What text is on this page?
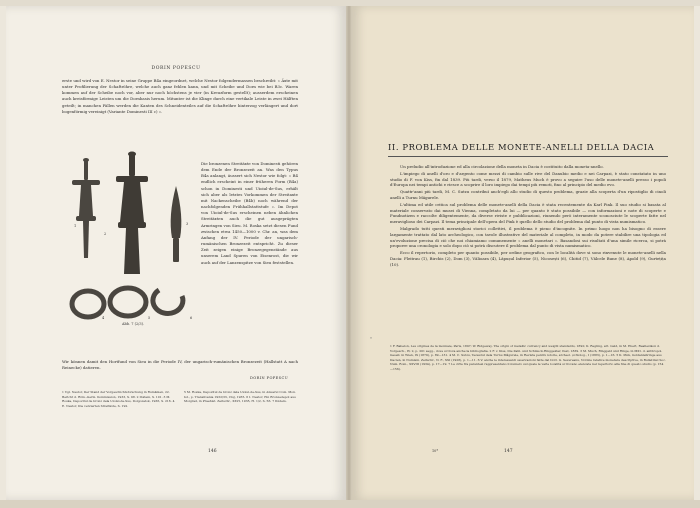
DORIN POPESCU

erste und wird von E. Nestor in seine Gruppe B4a eingeordnet, welche Nestor folgendermassen beschreibt: « Äxte mit unter Profilierung der Schaftröhre, welche auch ganz fehlen kann, und mit Scheibe und Dorn wie bei B3c. Waren kommen auf der Scheibe noch vor, aber nur noch höchstens je vier (in Kreuzform gestellt); ausserdem erscheinen auch kreisförmige Leisten um die Dornbasis herum. Mitunter ist die Klinge durch eine vertikale Leiste in zwei Hälften geteilt; in manchen Fällen werden die Kanten des Schneidenteiles auf die Schaftröhre hinterzog verlängert und dort bogenförmig vereinigt (Variante Dominesti III c) ».

1
2
3
4	5	6
Abb. 7 (2/3).

Die bronzenen Streitäxte von Dominesti gehören dem Ende der Bronzezeit an. Was den Typus B4a anlangt, äussert sich Nestor wie folgt: « B4 endlich erscheint in einer früheren Form (B4a) schon in Dominesti und Uioiul-de-Sus, erhält sich aber als letztes Vorkommen der Streitaxte mit Nackenscheibe (B4b) noch während der nachfolgenden Frühhallstattstufe ». Im Depot von Uioiul-de-Sus erscheinen neben ähnlichen Streitäxten auch die gut ausgeprägten Armringen von Sieu. M. Roska setzt diesen Fund zwischen etwa 1450—1000 v. Chr. an, was dem Anfang der IV. Periode der ungarisch-rumänischen Bronzezeit entspricht. Zu dieser Zeit zeigen einige Bronzegegenstände aus unserem Land Spuren von Eisenrost, die wir auch auf der Lanzenspitze von Sieu feststellen.

Wir können damit den Hortfund von Sieu in die Periode IV, der ungarisch-rumänischen Bronzezeit (Hallstatt A nach Reinecke) datieren.

DORIN POPESCU

1 Vgl. Nestor, Der Stand der Vorgeschichtsforschung in Rumänien, 22. Bericht d. Röm.-Germ. Kommission, 1933, S. 98. 2 Ibidem, S. 101. 3 M. Roska, Depozitul de bronz dela Uioiul-de-Sus, Dolgozatok, 1936, S. 216. 4 E. Nestor, Die verzierten Streitäxte, S. 192.

5 M. Roska, Depozitul de bronz dela Uioiul-de-Sus, in Anuarul Com. Mon. Ist., p. Transilvania 1932/33, Cluj, 1935. 6 I. Nestor, Ein Bronzedepot aus Moigrad, in Praehist. Zeitschr., XXVI, 1935, H. 1/2, S. 56. 7 Ibidem.

146
*
II. PROBLEMA DELLE MONETE-ANELLI DELLA DACIA

Un preludio all'introduzione ed alla circolazione della moneta in Dacia è costituito dalla moneta-anello.

L'impiego di anelli d'oro e d'argento come mezzi di cambio sulle rive del Danubio medio e nei Carpazi, è stato constatato in uno studio di F. von Kiss, fin dal 1839. Più tardi, verso il 1879, Matheus Much è provo a seguire l'uso delle monete-anelli presso i popoli d'Europa nei tempi antichi e riesce a scoprire il loro impiego dai tempi più remoti, fino al principio del medio evo.

Quattr'anni più tardi, M. C. Sutzu contribuì anch'egli allo studio di questo problema, grazie alla scoperta d'un ripostiglio di cinoli anelli a Turnu Măgurele.

L'ultima ed utile critica sul problema delle monete-anelli della Dacia è stata recentemente da Karl Pink. Il suo studio si basata al materiale conservato dai musei di Vienna, completato da lui — per quanto è stato possibile — con informazioni e note di scoperte e Fundnotizen e raccolte diligentemente, da diverse riviste e pubblicazioni, riunendo però interamente sconosciute le scoperte fatte nel meraviglioso dei Carpazi. Il tema principale dell'opera del Pink è quello dello studio del problema dal punto di vista numismatico.

Malgrado tutti questi meravigliosi storici collettivi, il problema è pieno d'incognite. In primo luogo non ha bisogno di essere largamente trattato dal lato archeologico, con tavole illustrative del materiale al completo, in modo da potere stabilire una tipologia ed un'evoluzione precisa di ciò che noi chiamiamo comunemente « anelli monetari ». Basandosi sui risultati d'una simile ricerca, si potrà proporre una cronologia e solo dopo ciò si potrà discutere il problema dal punto di vista numismatico.

Ecco il repertorio, completo per quanto possibile, per ordine geografico, con le località dove si sono rinvenute le monete-anelli nella Dacia: Fleitrau (1), Birchis (2), Dom (3), Vălioara (4), Lăpușul Inferior (5), Nicosești (6), Chitid (7), Vălcele Bune (8), Apold (9), Gurtețița (10).

1 F. Babelon, Les origines de la monnaie, Paris, 1897; W. Ridgeway, The origin of metallic currency and weight standards, 1892; K. Regling, art. Geld, in M. Ebert, Reallexikon d. Vorgesch., IV, 2, p. 201 segg., dove si trova anche la bibliografia. 2 F. v. Kiss, Die Zahl- und Schmuck-Ringgelder, Pest, 1839. 3 M. Much, Ringgeld und Ringe, in Mitt. d. anthropol. Gesell. in Wien, IX (1879), p. 89—131. 4 M. C. Sutzu, Tezaurul dela Turnu Măgurele, in Revista pentru istorie, archeol. și filolog., I (1883), p. 1—16. 5 K. Pink, Goldanlehringe aus Dacien, in Numism. Zeitschr., N. F., XXI (1928), p. 1—11. 6 V. anche le interessanti osservazioni fatte dal Dott. G. Severeanu, Notizie relative monetare descriptive, in Bulletinul Soc. Num. Rom., XXVIII (1934), p. 17—19. 7 Le cifre fra parentesi rappresentano il numero sul quale le varie località si trovano elencate nel repertorio alla fine di questo studio (p. 154—156).

10*	147
